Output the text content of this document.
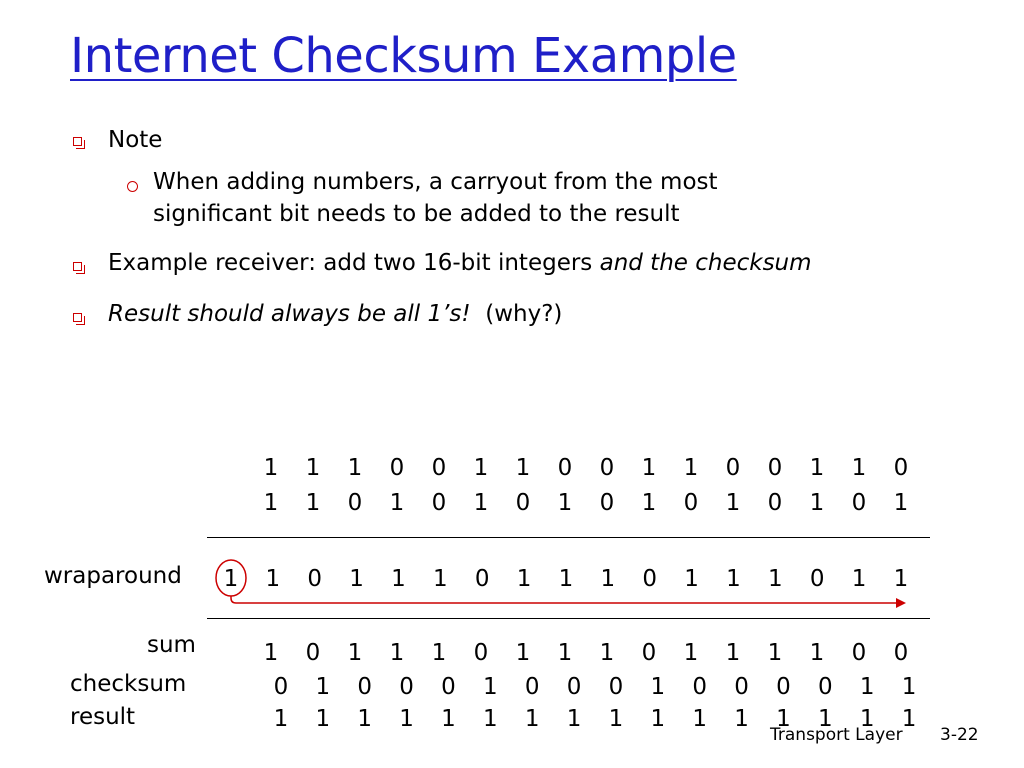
Internet Checksum Example
Note
When adding numbers, a carryout from the most
significant bit needs to be added to the result
Example receiver: add two 16-bit integers and the checksum
Result should always be all 1’s!  (why?)
1	1	1	0	0	1	1	0	0	1	1	0	0	1	1	0
1	1	0	1	0	1	0	1	0	1	0	1	0	1	0	1
wraparound	1	1	0	1	1	1	0	1	1	1	0	1	1	1	0	1	1
sum	1	0	1	1	1	0	1	1	1	0	1	1	1	1	0	0
checksum	0	1	0	0	0	1	0	0	0	1	0	0	0	0	1	1
result	1	1	1	1	1	1	1	1	1	1	1	1	1	1	1	1
Transport Layer 3-22
